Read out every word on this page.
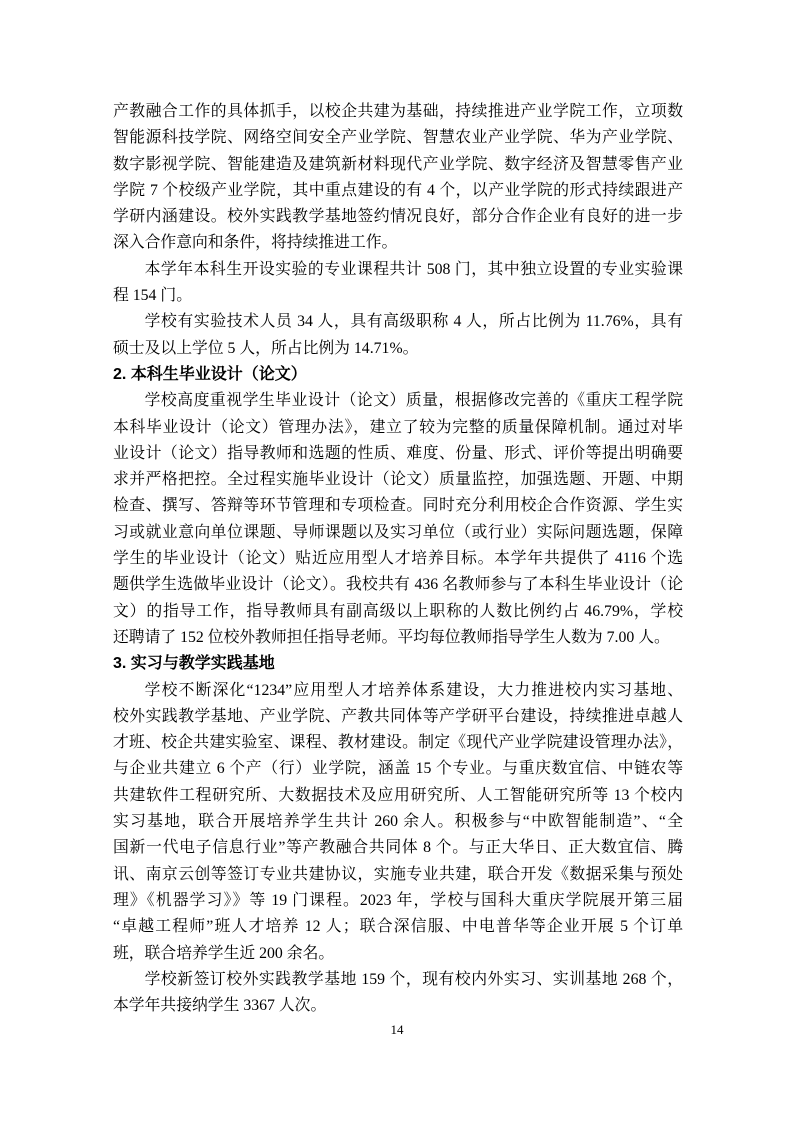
产教融合工作的具体抓手，以校企共建为基础，持续推进产业学院工作，立项数
智能源科技学院、网络空间安全产业学院、智慧农业产业学院、华为产业学院、
数字影视学院、智能建造及建筑新材料现代产业学院、数字经济及智慧零售产业
学院 7 个校级产业学院，其中重点建设的有 4 个，以产业学院的形式持续跟进产
学研内涵建设。校外实践教学基地签约情况良好，部分合作企业有良好的进一步
深入合作意向和条件，将持续推进工作。
本学年本科生开设实验的专业课程共计 508 门，其中独立设置的专业实验课
程 154 门。
学校有实验技术人员 34 人，具有高级职称 4 人，所占比例为 11.76%，具有
硕士及以上学位 5 人，所占比例为 14.71%。
2. 本科生毕业设计（论文）
学校高度重视学生毕业设计（论文）质量，根据修改完善的《重庆工程学院
本科毕业设计（论文）管理办法》，建立了较为完整的质量保障机制。通过对毕
业设计（论文）指导教师和选题的性质、难度、份量、形式、评价等提出明确要
求并严格把控。全过程实施毕业设计（论文）质量监控，加强选题、开题、中期
检查、撰写、答辩等环节管理和专项检查。同时充分利用校企合作资源、学生实
习或就业意向单位课题、导师课题以及实习单位（或行业）实际问题选题，保障
学生的毕业设计（论文）贴近应用型人才培养目标。本学年共提供了 4116 个选
题供学生选做毕业设计（论文）。我校共有 436 名教师参与了本科生毕业设计（论
文）的指导工作，指导教师具有副高级以上职称的人数比例约占 46.79%，学校
还聘请了 152 位校外教师担任指导老师。平均每位教师指导学生人数为 7.00 人。
3. 实习与教学实践基地
学校不断深化“1234”应用型人才培养体系建设，大力推进校内实习基地、
校外实践教学基地、产业学院、产教共同体等产学研平台建设，持续推进卓越人
才班、校企共建实验室、课程、教材建设。制定《现代产业学院建设管理办法》，
与企业共建立 6 个产（行）业学院，涵盖 15 个专业。与重庆数宜信、中链农等
共建软件工程研究所、大数据技术及应用研究所、人工智能研究所等 13 个校内
实习基地，联合开展培养学生共计 260 余人。积极参与“中欧智能制造”、“全
国新一代电子信息行业”等产教融合共同体 8 个。与正大华日、正大数宜信、腾
讯、南京云创等签订专业共建协议，实施专业共建，联合开发《数据采集与预处
理》《机器学习》》等 19 门课程。2023 年，学校与国科大重庆学院展开第三届
“卓越工程师”班人才培养 12 人；联合深信服、中电普华等企业开展 5 个订单
班，联合培养学生近 200 余名。
学校新签订校外实践教学基地 159 个，现有校内外实习、实训基地 268 个，
本学年共接纳学生 3367 人次。
14
